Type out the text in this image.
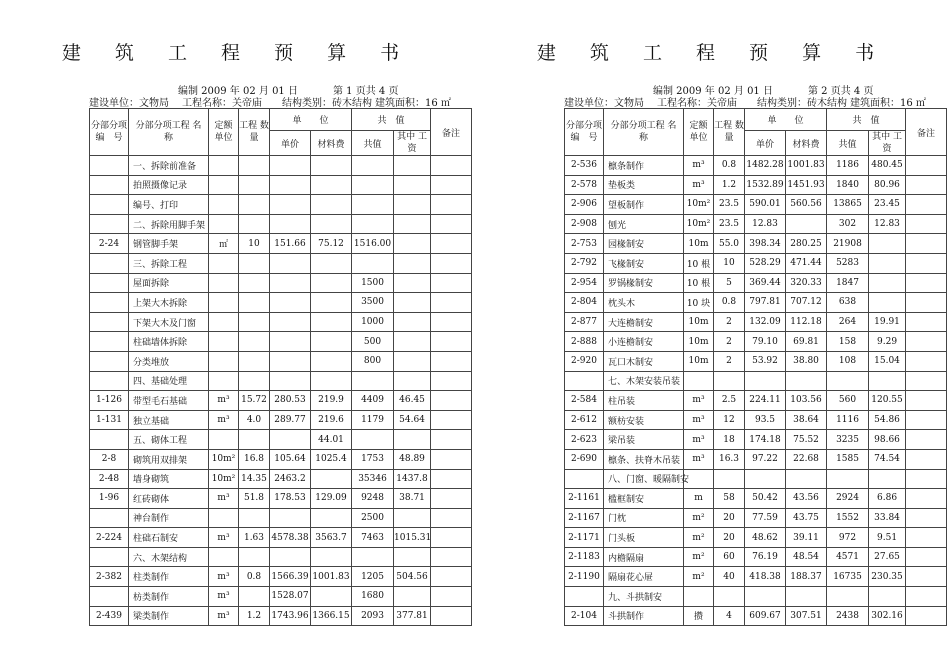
建 筑 工 程 预 算 书
编制 2009 年 02 月 01 日	第 1 页共 4 页
建设单位：文物局 工程名称：关帝庙 结构类别：砖木结构 建筑面积：16 ㎡
分部分项 编　号	分部分项工程 名　称	定额 单位	工程 数量	单　　位		共　值		备注
				单价	材料费	共值	其中 工资	

	一、拆除前准备							
	拍照摄像记录							
	编号、打印							
	二、拆除用脚手架							
2-24	钢管脚手架	㎡	10	151.66	75.12	1516.00		
	三、拆除工程							
	屋面拆除					1500		
	上架大木拆除					3500		
	下架大木及门窗					1000		
	柱础墙体拆除					500		
	分类堆放					800		
	四、基础处理							
1-126	带型毛石基础	m³	15.72	280.53	219.9	4409	46.45	
1-131	独立基础	m³	4.0	289.77	219.6	1179	54.64	
	五、砌体工程				44.01			
2-8	砌筑用双排架	10m²	16.8	105.64	1025.4	1753	48.89	
2-48	墙身砌筑	10m²	14.35	2463.2		35346	1437.8	
1-96	红砖砌体	m³	51.8	178.53	129.09	9248	38.71	
	神台制作					2500		
2-224	柱础石制安	m³	1.63	4578.38	3563.7	7463	1015.31	
	六、木架结构							
2-382	柱类制作	m³	0.8	1566.39	1001.83	1205	504.56	
	枋类制作	m³		1528.07		1680		
2-439	梁类制作	m³	1.2	1743.96	1366.15	2093	377.81	
建 筑 工 程 预 算 书
编制 2009 年 02 月 01 日	第 2 页共 4 页
建设单位：文物局 工程名称：关帝庙 结构类别：砖木结构 建筑面积：16 ㎡
分部分项 编　号	分部分项工程 名　称	定额 单位	工程 数量	单　　位		共　值		备注
				单价	材料费	共值	其中 工资	

2-536	檩条制作	m³	0.8	1482.28	1001.83	1186	480.45	
2-578	垫板类	m³	1.2	1532.89	1451.93	1840	80.96	
2-906	望板制作	10m²	23.5	590.01	560.56	13865	23.45	
2-908	刨光	10m²	23.5	12.83		302	12.83	
2-753	园椽制安	10m	55.0	398.34	280.25	21908		
2-792	飞椽制安	10 根	10	528.29	471.44	5283		
2-954	罗锅椽制安	10 根	5	369.44	320.33	1847		
2-804	枕头木	10 块	0.8	797.81	707.12	638		
2-877	大连檐制安	10m	2	132.09	112.18	264	19.91	
2-888	小连檐制安	10m	2	79.10	69.81	158	9.29	
2-920	瓦口木制安	10m	2	53.92	38.80	108	15.04	
	七、木架安装吊装							
2-584	柱吊装	m³	2.5	224.11	103.56	560	120.55	
2-612	额枋安装	m³	12	93.5	38.64	1116	54.86	
2-623	梁吊装	m³	18	174.18	75.52	3235	98.66	
2-690	檩条、扶脊木吊装	m³	16.3	97.22	22.68	1585	74.54	
	八、门窗、暖隔制安							
2-1161	槛框制安	m	58	50.42	43.56	2924	6.86	
2-1167	门枕	m²	20	77.59	43.75	1552	33.84	
2-1171	门头板	m²	20	48.62	39.11	972	9.51	
2-1183	内檐隔扇	m²	60	76.19	48.54	4571	27.65	
2-1190	隔扇花心屉	m²	40	418.38	188.37	16735	230.35	
	九、斗拱制安							
2-104	斗拱制作	攒	4	609.67	307.51	2438	302.16	
